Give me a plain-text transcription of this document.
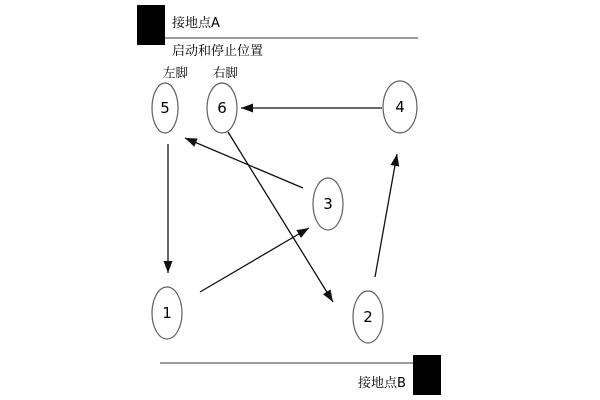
接地点A
启动和停止位置
左脚 右脚
5	6	4
3
1	2
接地点B
